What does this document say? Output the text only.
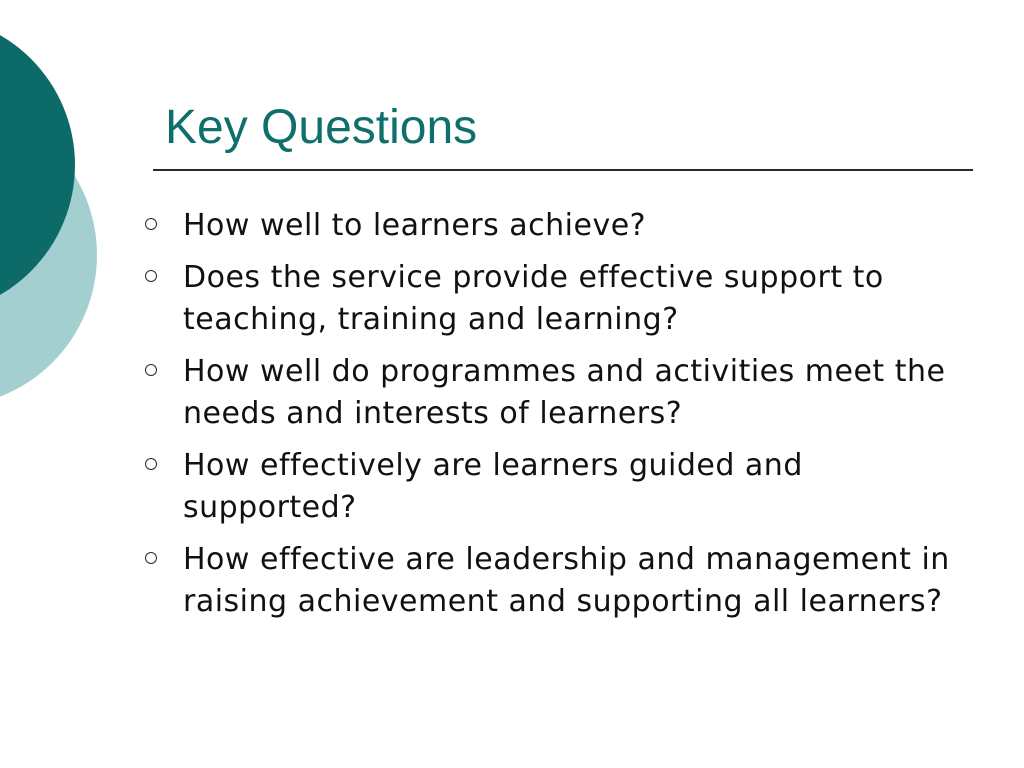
Key Questions
How well to learners achieve?
Does the service provide effective support to teaching, training and learning?
How well do programmes and activities meet the needs and interests of learners?
How effectively are learners guided and supported?
How effective are leadership and management in raising achievement and supporting all learners?
